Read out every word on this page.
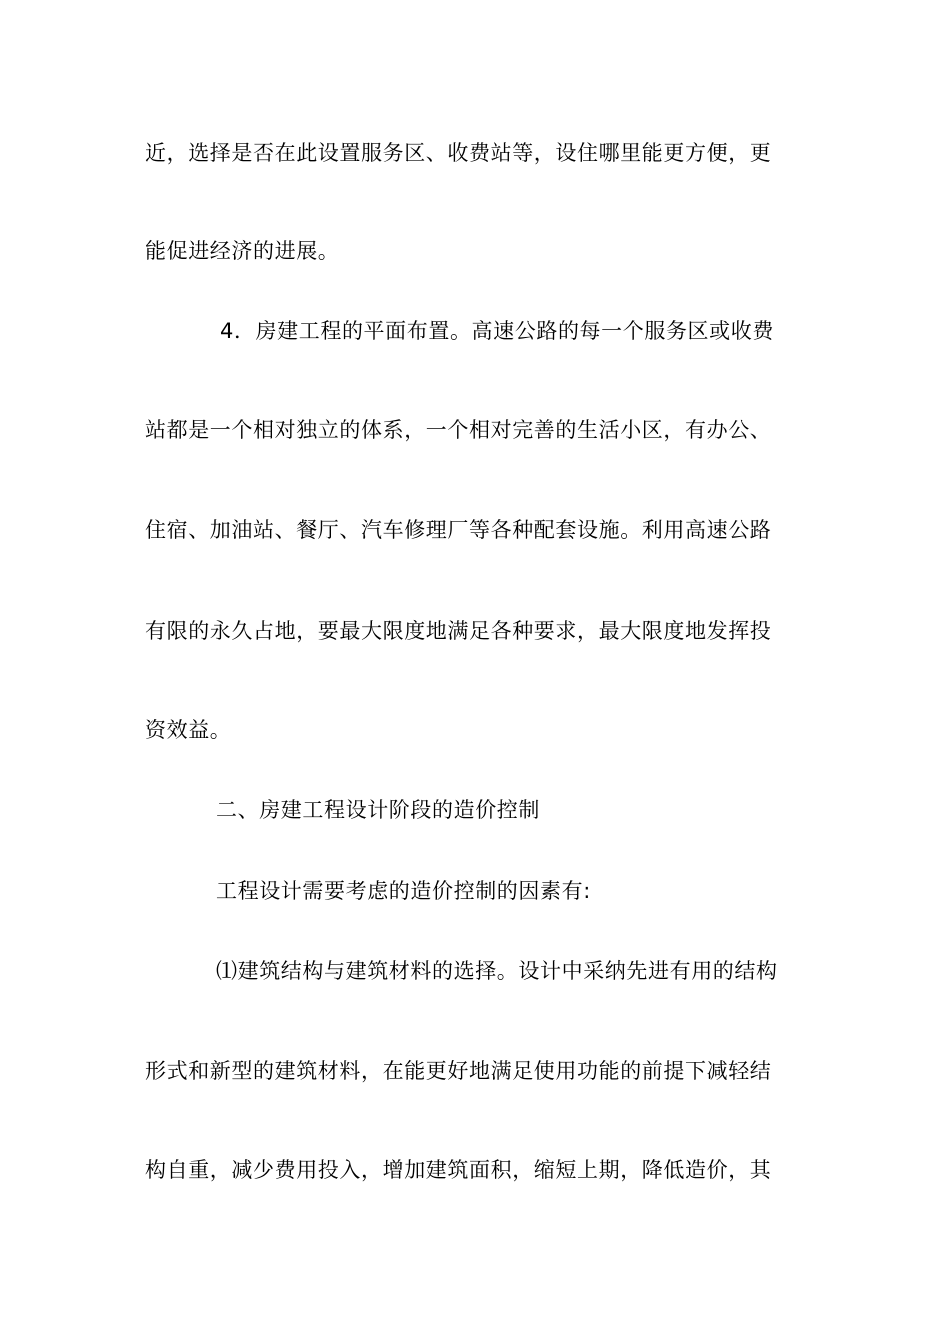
近，选择是否在此设置服务区、收费站等，设住哪里能更方便，更
能促进经济的进展。
4．房建工程的平面布置。高速公路的每一个服务区或收费
站都是一个相对独立的体系，一个相对完善的生活小区，有办公、
住宿、加油站、餐厅、汽车修理厂等各种配套设施。利用高速公路
有限的永久占地，要最大限度地满足各种要求，最大限度地发挥投
资效益。
二、房建工程设计阶段的造价控制
工程设计需要考虑的造价控制的因素有:
⑴建筑结构与建筑材料的选择。设计中采纳先进有用的结构
形式和新型的建筑材料，在能更好地满足使用功能的前提下减轻结
构自重，减少费用投入，增加建筑面积，缩短上期，降低造价，其
